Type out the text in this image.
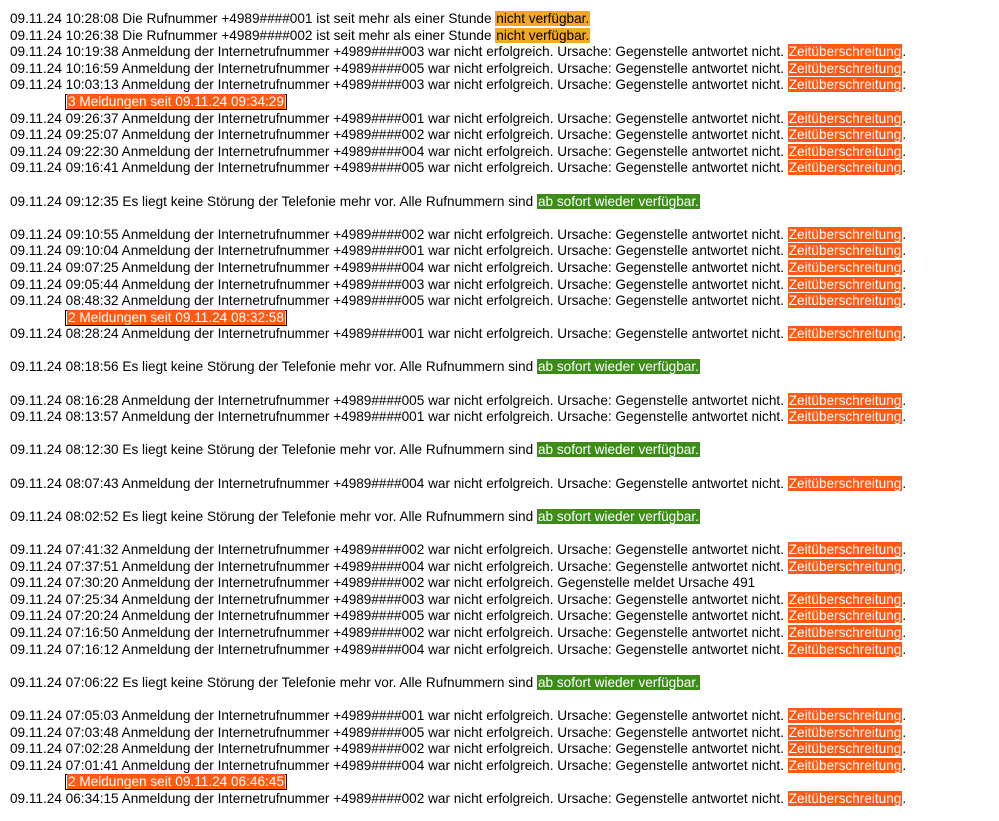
09.11.24 10:28:08 Die Rufnummer +4989####001 ist seit mehr als einer Stunde nicht verfügbar.
09.11.24 10:26:38 Die Rufnummer +4989####002 ist seit mehr als einer Stunde nicht verfügbar.
09.11.24 10:19:38 Anmeldung der Internetrufnummer +4989####003 war nicht erfolgreich. Ursache: Gegenstelle antwortet nicht. Zeitüberschreitung.
09.11.24 10:16:59 Anmeldung der Internetrufnummer +4989####005 war nicht erfolgreich. Ursache: Gegenstelle antwortet nicht. Zeitüberschreitung.
09.11.24 10:03:13 Anmeldung der Internetrufnummer +4989####003 war nicht erfolgreich. Ursache: Gegenstelle antwortet nicht. Zeitüberschreitung.
3 Meldungen seit 09.11.24 09:34:29
09.11.24 09:26:37 Anmeldung der Internetrufnummer +4989####001 war nicht erfolgreich. Ursache: Gegenstelle antwortet nicht. Zeitüberschreitung.
09.11.24 09:25:07 Anmeldung der Internetrufnummer +4989####002 war nicht erfolgreich. Ursache: Gegenstelle antwortet nicht. Zeitüberschreitung.
09.11.24 09:22:30 Anmeldung der Internetrufnummer +4989####004 war nicht erfolgreich. Ursache: Gegenstelle antwortet nicht. Zeitüberschreitung.
09.11.24 09:16:41 Anmeldung der Internetrufnummer +4989####005 war nicht erfolgreich. Ursache: Gegenstelle antwortet nicht. Zeitüberschreitung.
09.11.24 09:12:35 Es liegt keine Störung der Telefonie mehr vor. Alle Rufnummern sind ab sofort wieder verfügbar.
09.11.24 09:10:55 Anmeldung der Internetrufnummer +4989####002 war nicht erfolgreich. Ursache: Gegenstelle antwortet nicht. Zeitüberschreitung.
09.11.24 09:10:04 Anmeldung der Internetrufnummer +4989####001 war nicht erfolgreich. Ursache: Gegenstelle antwortet nicht. Zeitüberschreitung.
09.11.24 09:07:25 Anmeldung der Internetrufnummer +4989####004 war nicht erfolgreich. Ursache: Gegenstelle antwortet nicht. Zeitüberschreitung.
09.11.24 09:05:44 Anmeldung der Internetrufnummer +4989####003 war nicht erfolgreich. Ursache: Gegenstelle antwortet nicht. Zeitüberschreitung.
09.11.24 08:48:32 Anmeldung der Internetrufnummer +4989####005 war nicht erfolgreich. Ursache: Gegenstelle antwortet nicht. Zeitüberschreitung.
2 Meldungen seit 09.11.24 08:32:58
09.11.24 08:28:24 Anmeldung der Internetrufnummer +4989####001 war nicht erfolgreich. Ursache: Gegenstelle antwortet nicht. Zeitüberschreitung.
09.11.24 08:18:56 Es liegt keine Störung der Telefonie mehr vor. Alle Rufnummern sind ab sofort wieder verfügbar.
09.11.24 08:16:28 Anmeldung der Internetrufnummer +4989####005 war nicht erfolgreich. Ursache: Gegenstelle antwortet nicht. Zeitüberschreitung.
09.11.24 08:13:57 Anmeldung der Internetrufnummer +4989####001 war nicht erfolgreich. Ursache: Gegenstelle antwortet nicht. Zeitüberschreitung.
09.11.24 08:12:30 Es liegt keine Störung der Telefonie mehr vor. Alle Rufnummern sind ab sofort wieder verfügbar.
09.11.24 08:07:43 Anmeldung der Internetrufnummer +4989####004 war nicht erfolgreich. Ursache: Gegenstelle antwortet nicht. Zeitüberschreitung.
09.11.24 08:02:52 Es liegt keine Störung der Telefonie mehr vor. Alle Rufnummern sind ab sofort wieder verfügbar.
09.11.24 07:41:32 Anmeldung der Internetrufnummer +4989####002 war nicht erfolgreich. Ursache: Gegenstelle antwortet nicht. Zeitüberschreitung.
09.11.24 07:37:51 Anmeldung der Internetrufnummer +4989####004 war nicht erfolgreich. Ursache: Gegenstelle antwortet nicht. Zeitüberschreitung.
09.11.24 07:30:20 Anmeldung der Internetrufnummer +4989####002 war nicht erfolgreich. Gegenstelle meldet Ursache 491
09.11.24 07:25:34 Anmeldung der Internetrufnummer +4989####003 war nicht erfolgreich. Ursache: Gegenstelle antwortet nicht. Zeitüberschreitung.
09.11.24 07:20:24 Anmeldung der Internetrufnummer +4989####005 war nicht erfolgreich. Ursache: Gegenstelle antwortet nicht. Zeitüberschreitung.
09.11.24 07:16:50 Anmeldung der Internetrufnummer +4989####002 war nicht erfolgreich. Ursache: Gegenstelle antwortet nicht. Zeitüberschreitung.
09.11.24 07:16:12 Anmeldung der Internetrufnummer +4989####004 war nicht erfolgreich. Ursache: Gegenstelle antwortet nicht. Zeitüberschreitung.
09.11.24 07:06:22 Es liegt keine Störung der Telefonie mehr vor. Alle Rufnummern sind ab sofort wieder verfügbar.
09.11.24 07:05:03 Anmeldung der Internetrufnummer +4989####001 war nicht erfolgreich. Ursache: Gegenstelle antwortet nicht. Zeitüberschreitung.
09.11.24 07:03:48 Anmeldung der Internetrufnummer +4989####005 war nicht erfolgreich. Ursache: Gegenstelle antwortet nicht. Zeitüberschreitung.
09.11.24 07:02:28 Anmeldung der Internetrufnummer +4989####002 war nicht erfolgreich. Ursache: Gegenstelle antwortet nicht. Zeitüberschreitung.
09.11.24 07:01:41 Anmeldung der Internetrufnummer +4989####004 war nicht erfolgreich. Ursache: Gegenstelle antwortet nicht. Zeitüberschreitung.
2 Meldungen seit 09.11.24 06:46:45
09.11.24 06:34:15 Anmeldung der Internetrufnummer +4989####002 war nicht erfolgreich. Ursache: Gegenstelle antwortet nicht. Zeitüberschreitung.
